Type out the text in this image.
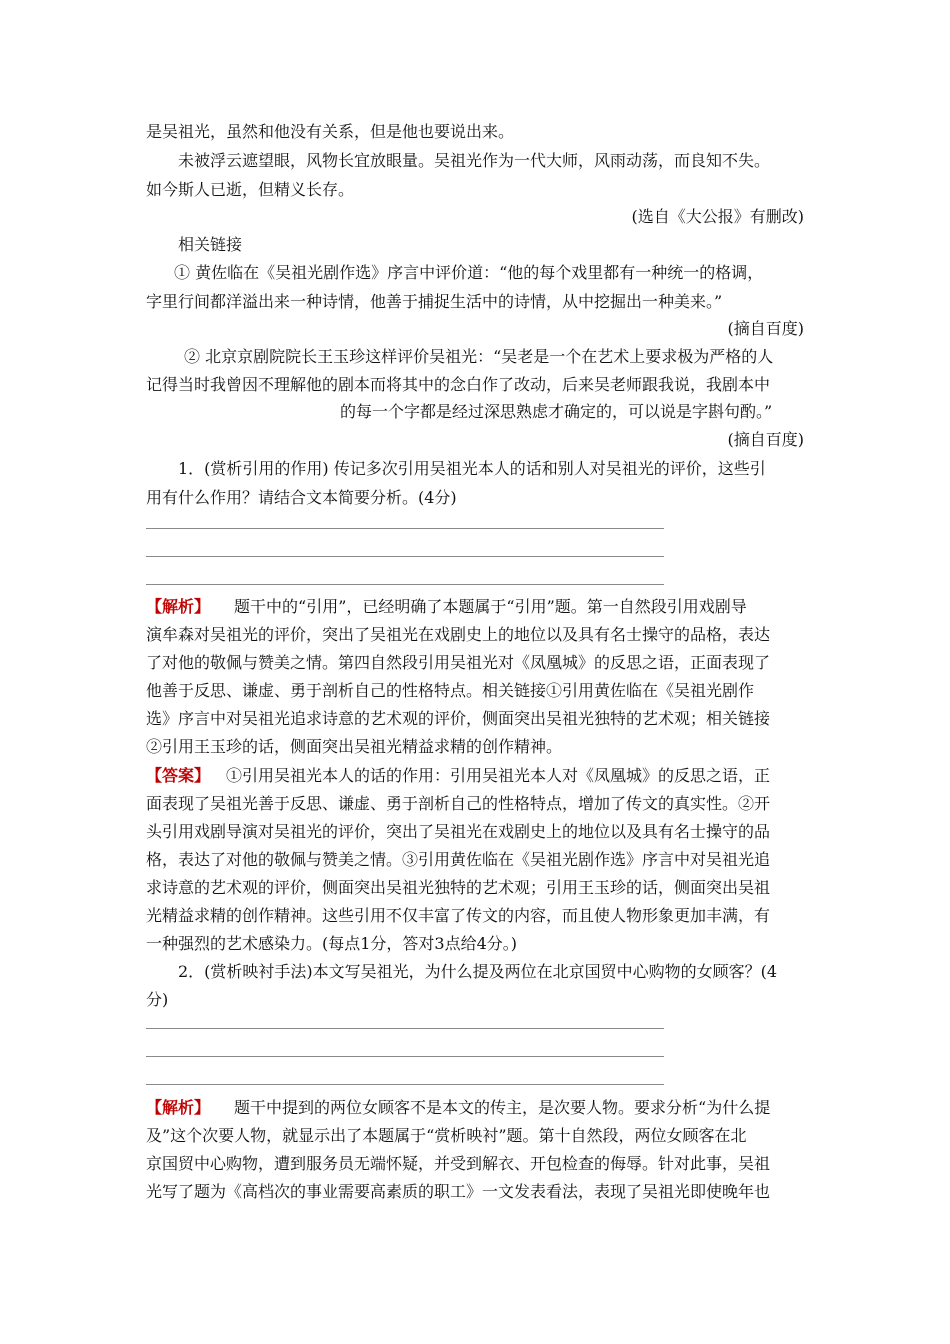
是吴祖光，虽然和他没有关系，但是他也要说出来。
未被浮云遮望眼，风物长宜放眼量。吴祖光作为一代大师，风雨动荡，而良知不失。
如今斯人已逝，但精义长存。
(选自《大公报》有删改)
相关链接
① 黄佐临在《吴祖光剧作选》序言中评价道：“他的每个戏里都有一种统一的格调，
字里行间都洋溢出来一种诗情，他善于捕捉生活中的诗情，从中挖掘出一种美来。”
(摘自百度)
② 北京京剧院院长王玉珍这样评价吴祖光：“吴老是一个在艺术上要求极为严格的人
记得当时我曾因不理解他的剧本而将其中的念白作了改动，后来吴老师跟我说，我剧本中
的每一个字都是经过深思熟虑才确定的，可以说是字斟句酌。”
(摘自百度)
1．(赏析引用的作用) 传记多次引用吴祖光本人的话和别人对吴祖光的评价，这些引
用有什么作用？请结合文本简要分析。(4分)
【 解析 】	题干中的“引用”，已经明确了本题属于“引用”题。第一自然段引用戏剧导
演牟森对吴祖光的评价，突出了吴祖光在戏剧史上的地位以及具有名士操守的品格，表达
了对他的敬佩与赞美之情。第四自然段引用吴祖光对《凤凰城》的反思之语，正面表现了
他善于反思、谦虚、勇于剖析自己的性格特点。相关链接①引用黄佐临在《吴祖光剧作
选》序言中对吴祖光追求诗意的艺术观的评价，侧面突出吴祖光独特的艺术观；相关链接
②引用王玉珍的话，侧面突出吴祖光精益求精的创作精神。
【 答案 】 ①引用吴祖光本人的话的作用：引用吴祖光本人对《凤凰城》的反思之语，正
面表现了吴祖光善于反思、谦虚、勇于剖析自己的性格特点，增加了传文的真实性。②开
头引用戏剧导演对吴祖光的评价，突出了吴祖光在戏剧史上的地位以及具有名士操守的品
格，表达了对他的敬佩与赞美之情。③引用黄佐临在《吴祖光剧作选》序言中对吴祖光追
求诗意的艺术观的评价，侧面突出吴祖光独特的艺术观；引用王玉珍的话，侧面突出吴祖
光精益求精的创作精神。这些引用不仅丰富了传文的内容，而且使人物形象更加丰满，有
一种强烈的艺术感染力。(每点1分，答对3点给4分。)
2．(赏析映衬手法)本文写吴祖光，为什么提及两位在北京国贸中心购物的女顾客？(4
分)
【 解析 】	题干中提到的两位女顾客不是本文的传主，是次要人物。要求分析“为什么提
及”这个次要人物，就显示出了本题属于“赏析映衬”题。第十自然段，两位女顾客在北
京国贸中心购物，遭到服务员无端怀疑，并受到解衣、开包检查的侮辱。针对此事，吴祖
光写了题为《高档次的事业需要高素质的职工》一文发表看法，表现了吴祖光即使晚年也
